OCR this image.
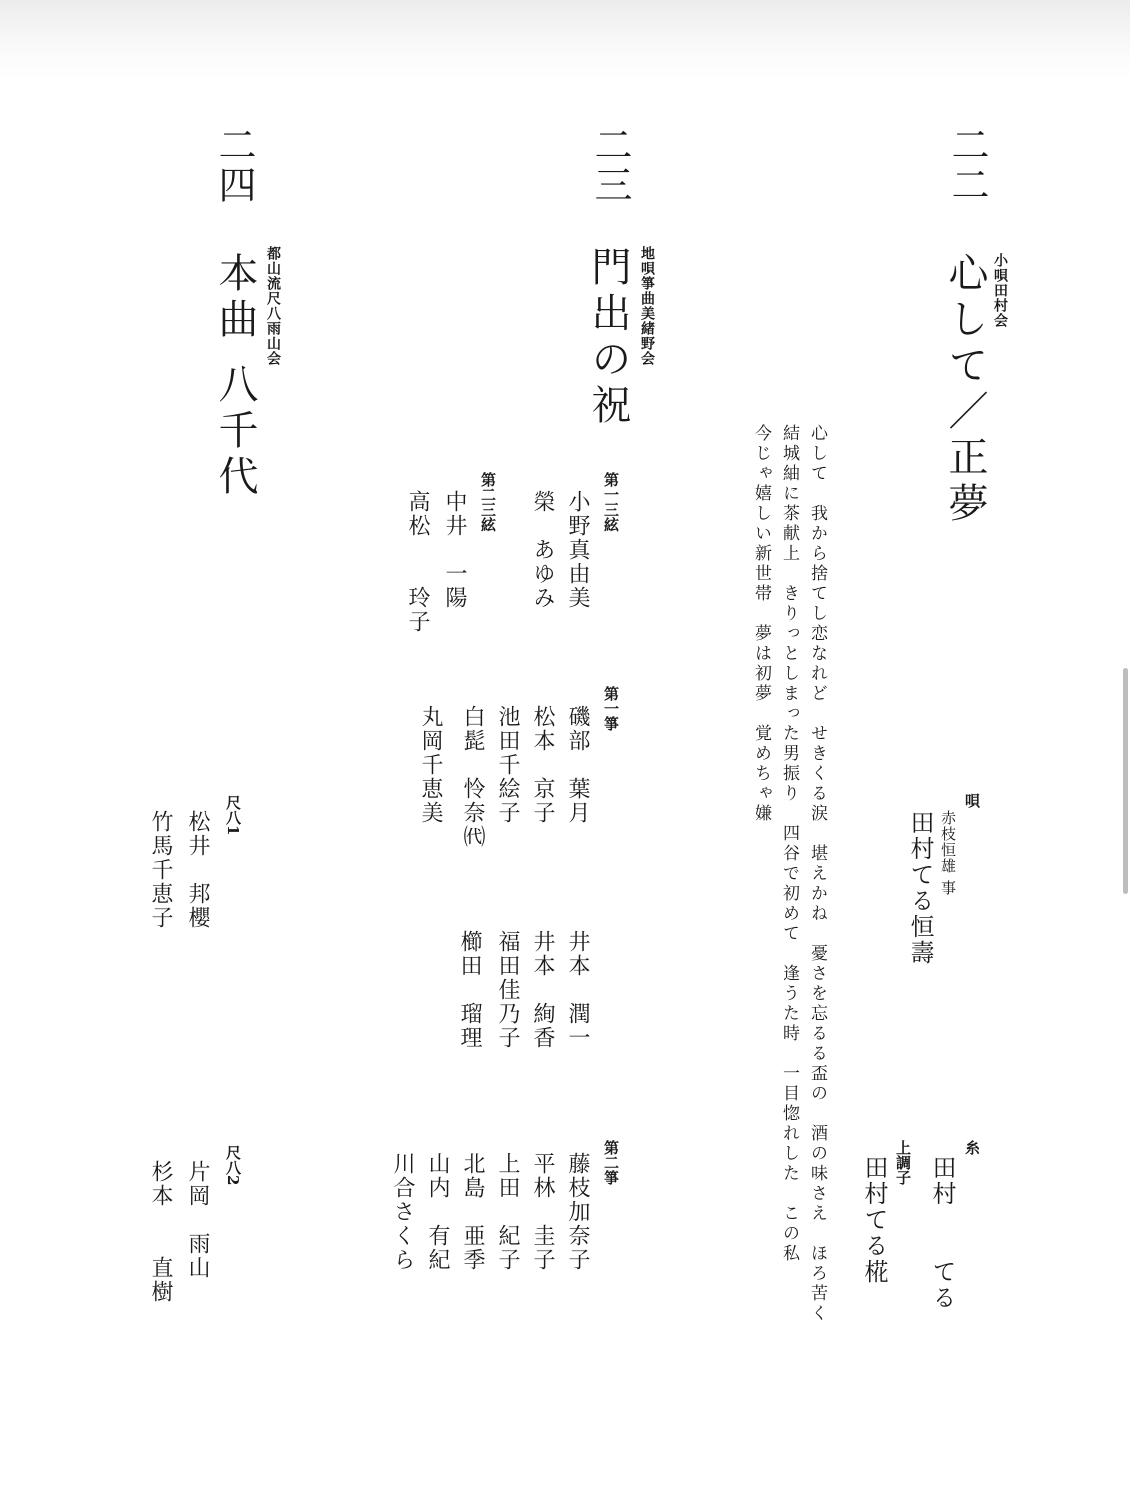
二二
小唄田村会
心して／正夢
心して　我から捨てし恋なれど　せきくる涙　堪えかね　憂さを忘るる盃の　酒の味さえ　ほろ苦く
結城紬に茶献上　きりっとしまった男振り　四谷で初めて　逢うた時　一目惚れした　この私
今じゃ嬉しい新世帯　夢は初夢　覚めちゃ嫌	唄
赤枝恒雄 事
田村てる恒壽
糸
田村　　てる
上調子
田村てる椛
二三
地唄箏曲美緒野会
門出の祝
第一三絃
小野真由美
榮　あゆみ
第二三絃
中井　一陽
高松　　玲子
第一箏
磯部　葉月
松本　京子
池田千絵子
白髭　怜奈㈹
丸岡千恵美
井本　潤一
井本　絢香
福田佳乃子
櫛田　瑠理
第二箏
藤枝加奈子
平林　圭子
上田　紀子
北島　亜季
山内　有紀
川合さくら
二四
都山流尺八雨山会
本曲 八千代
尺八1
松井　邦櫻
竹馬千恵子
尺八2
片岡　雨山
杉本　　直樹
